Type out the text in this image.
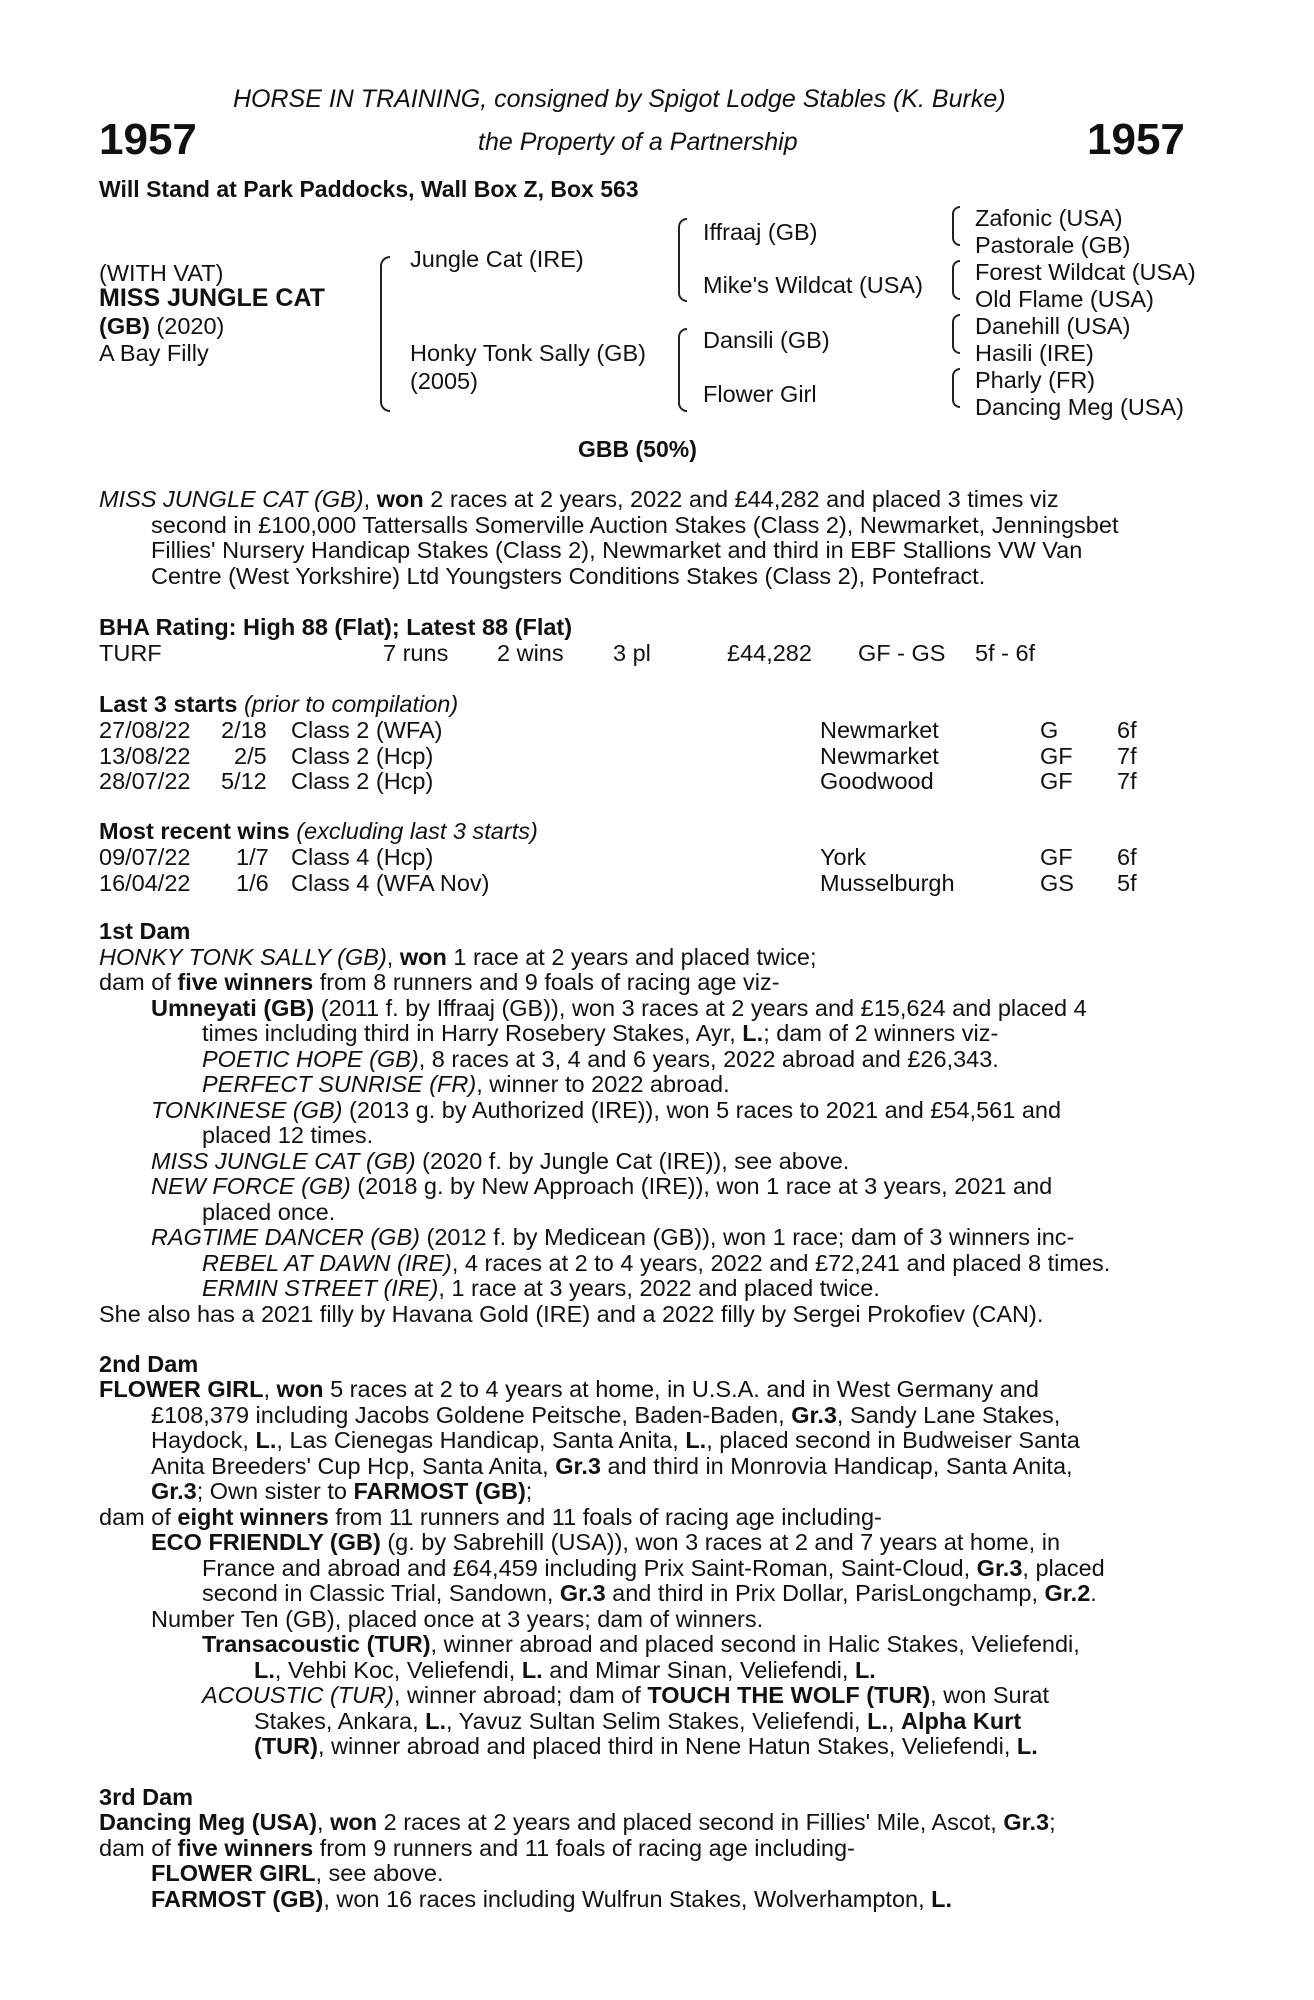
HORSE IN TRAINING, consigned by Spigot Lodge Stables (K. Burke)
the Property of a Partnership
1957	1957
Will Stand at Park Paddocks, Wall Box Z, Box 563
(WITH VAT)
MISS JUNGLE CAT
(GB) (2020)
A Bay Filly
Jungle Cat (IRE)
Honky Tonk Sally (GB)
(2005)
Iffraaj (GB)
Mike's Wildcat (USA)
Dansili (GB)
Flower Girl
Zafonic (USA)
Pastorale (GB)
Forest Wildcat (USA)
Old Flame (USA)
Danehill (USA)
Hasili (IRE)
Pharly (FR)
Dancing Meg (USA)
GBB (50%)
MISS JUNGLE CAT (GB), won 2 races at 2 years, 2022 and £44,282 and placed 3 times viz
second in £100,000 Tattersalls Somerville Auction Stakes (Class 2), Newmarket, Jenningsbet
Fillies' Nursery Handicap Stakes (Class 2), Newmarket and third in EBF Stallions VW Van
Centre (West Yorkshire) Ltd Youngsters Conditions Stakes (Class 2), Pontefract.
BHA Rating: High 88 (Flat); Latest 88 (Flat)
TURF	7 runs 2 wins 3 pl	£44,282 GF - GS 5f - 6f
Last 3 starts (prior to compilation)
27/08/22 2/18 Class 2 (WFA)	Newmarket	G 6f
13/08/22 2/5 Class 2 (Hcp)	Newmarket	GF 7f
28/07/22 5/12 Class 2 (Hcp)	Goodwood	GF 7f
Most recent wins (excluding last 3 starts)
09/07/22 1/7 Class 4 (Hcp)	York	GF 6f
16/04/22 1/6 Class 4 (WFA Nov)	Musselburgh	GS 5f
1st Dam
HONKY TONK SALLY (GB), won 1 race at 2 years and placed twice;
dam of five winners from 8 runners and 9 foals of racing age viz-
Umneyati (GB) (2011 f. by Iffraaj (GB)), won 3 races at 2 years and £15,624 and placed 4
times including third in Harry Rosebery Stakes, Ayr, L.; dam of 2 winners viz-
POETIC HOPE (GB), 8 races at 3, 4 and 6 years, 2022 abroad and £26,343.
PERFECT SUNRISE (FR), winner to 2022 abroad.
TONKINESE (GB) (2013 g. by Authorized (IRE)), won 5 races to 2021 and £54,561 and
placed 12 times.
MISS JUNGLE CAT (GB) (2020 f. by Jungle Cat (IRE)), see above.
NEW FORCE (GB) (2018 g. by New Approach (IRE)), won 1 race at 3 years, 2021 and
placed once.
RAGTIME DANCER (GB) (2012 f. by Medicean (GB)), won 1 race; dam of 3 winners inc-
REBEL AT DAWN (IRE), 4 races at 2 to 4 years, 2022 and £72,241 and placed 8 times.
ERMIN STREET (IRE), 1 race at 3 years, 2022 and placed twice.
She also has a 2021 filly by Havana Gold (IRE) and a 2022 filly by Sergei Prokofiev (CAN).
2nd Dam
FLOWER GIRL, won 5 races at 2 to 4 years at home, in U.S.A. and in West Germany and
£108,379 including Jacobs Goldene Peitsche, Baden-Baden, Gr.3, Sandy Lane Stakes,
Haydock, L., Las Cienegas Handicap, Santa Anita, L., placed second in Budweiser Santa
Anita Breeders' Cup Hcp, Santa Anita, Gr.3 and third in Monrovia Handicap, Santa Anita,
Gr.3; Own sister to FARMOST (GB);
dam of eight winners from 11 runners and 11 foals of racing age including-
ECO FRIENDLY (GB) (g. by Sabrehill (USA)), won 3 races at 2 and 7 years at home, in
France and abroad and £64,459 including Prix Saint-Roman, Saint-Cloud, Gr.3, placed
second in Classic Trial, Sandown, Gr.3 and third in Prix Dollar, ParisLongchamp, Gr.2.
Number Ten (GB), placed once at 3 years; dam of winners.
Transacoustic (TUR), winner abroad and placed second in Halic Stakes, Veliefendi,
L., Vehbi Koc, Veliefendi, L. and Mimar Sinan, Veliefendi, L.
ACOUSTIC (TUR), winner abroad; dam of TOUCH THE WOLF (TUR), won Surat
Stakes, Ankara, L., Yavuz Sultan Selim Stakes, Veliefendi, L., Alpha Kurt
(TUR), winner abroad and placed third in Nene Hatun Stakes, Veliefendi, L.
3rd Dam
Dancing Meg (USA), won 2 races at 2 years and placed second in Fillies' Mile, Ascot, Gr.3;
dam of five winners from 9 runners and 11 foals of racing age including-
FLOWER GIRL, see above.
FARMOST (GB), won 16 races including Wulfrun Stakes, Wolverhampton, L.
